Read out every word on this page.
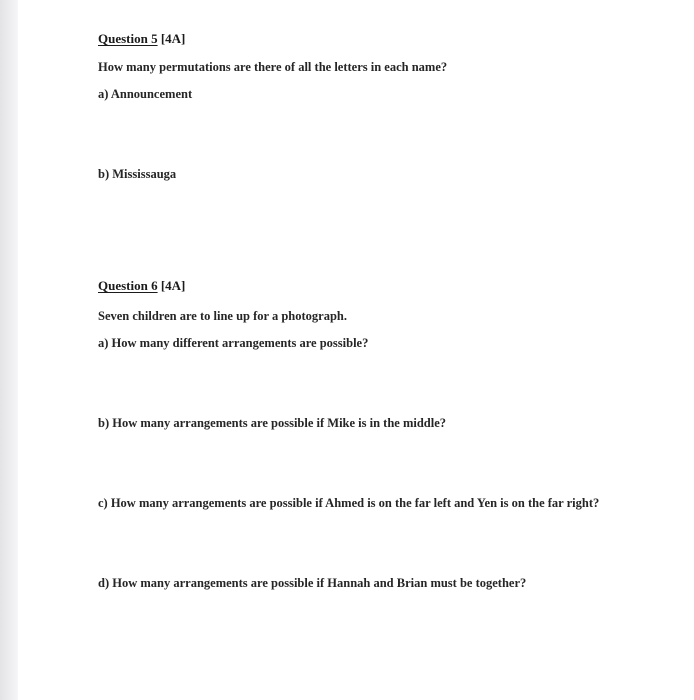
Question 5 [4A]
How many permutations are there of all the letters in each name?
a) Announcement
b) Mississauga
Question 6 [4A]
Seven children are to line up for a photograph.
a) How many different arrangements are possible?
b) How many arrangements are possible if Mike is in the middle?
c) How many arrangements are possible if Ahmed is on the far left and Yen is on the far right?
d) How many arrangements are possible if Hannah and Brian must be together?
